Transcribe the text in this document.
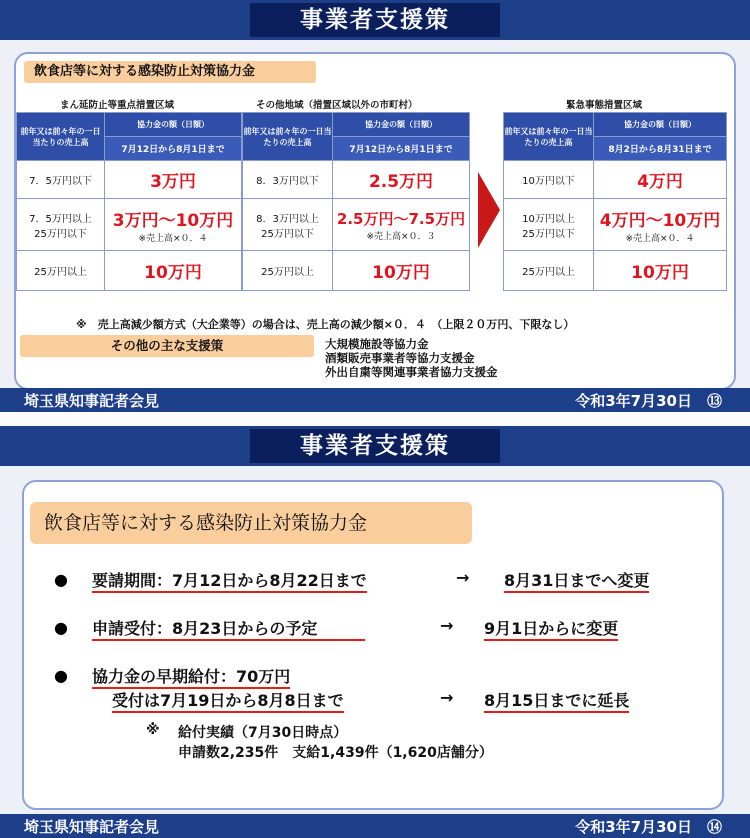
事業者支援策
飲食店等に対する感染防止対策協力金
まん延防止等重点措置区域
前年又は前々年の一日当たりの売上高	協力金の額（日額）
	7月12日から8月1日まで
7．5万円以下	3万円
7．5万円以上
25万円以下	3万円～10万円
※売上高×０．４

25万円以上	10万円
その他地域（措置区域以外の市町村）
前年又は前々年の一日当たりの売上高	協力金の額（日額）
	7月12日から8月1日まで
8．3万円以下	2.5万円
8．3万円以上
25万円以下	2.5万円～7.5万円
※売上高×０．３

25万円以上	10万円
緊急事態措置区域
前年又は前々年の一日当たりの売上高	協力金の額（日額）
	8月2日から8月31日まで
10万円以下	4万円
10万円以上
25万円以下	4万円～10万円
※売上高×０．４

25万円以上	10万円
※　売上高減少額方式（大企業等）の場合は、売上高の減少額×０．４　（上限２０万円、下限なし）
その他の主な支援策	大規模施設等協力金
酒類販売事業者等協力支援金
外出自粛等関連事業者協力支援金
埼玉県知事記者会見	令和3年7月30日　⑬
事業者支援策
飲食店等に対する感染防止対策協力金
● 要請期間：7月12日から8月22日まで	→ 8月31日までへ変更
● 申請受付：8月23日からの予定	→ 9月1日からに変更
● 協力金の早期給付：70万円
受付は7月19日から8月8日まで	→ 8月15日までに延長
※ 給付実績（7月30日時点）
申請数2,235件　支給1,439件（1,620店舗分）
埼玉県知事記者会見	令和3年7月30日　⑭
